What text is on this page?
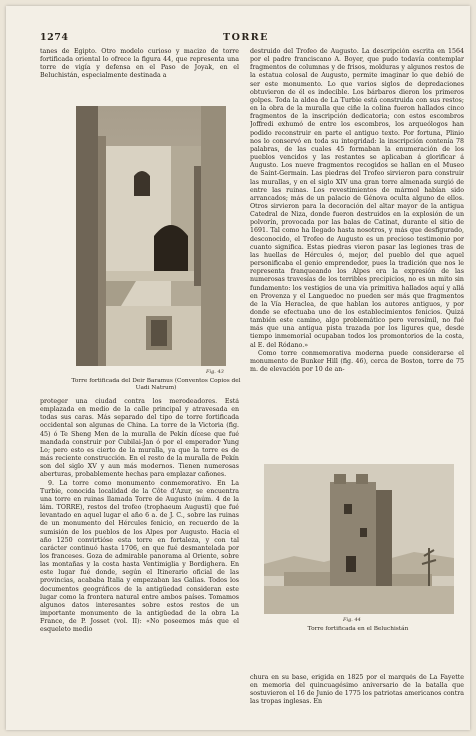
1274	TORRE

tanes de Egipto. Otro modelo curioso y macizo de torre fortificada oriental lo ofrece la figura 44, que representa una torre de vigía y defensa en el Paso de Joyak, en el Beluchistán, especialmente destinada a

Fig. 43
Torre fortificada del Deir Baramus (Conventos Copios del Uadi Natrum)

proteger una ciudad contra los merodeadores. Está emplazada en medio de la calle principal y atravesada en todas sus caras. Más separado del tipo de torre fortificada occidental son algunas de China. La torre de la Victoria (fig. 45) ó Te Sheng Men de la muralla de Pekín dícese que fué mandada construir por Cubilai-Jan ó por el emperador Yung Lo; pero esto es cierto de la muralla, ya que la torre es de más reciente construcción. En el resto de la muralla de Pekín son del siglo XV y aun más modernos. Tienen numerosas aberturas, probablemente hechas para emplazar cañones.

9. La torre como monumento conmemorativo. En La Turbie, conocida localidad de la Côte d'Azur, se encuentra una torre en ruinas llamada Torre de Augusto (núm. 4 de la lám. TORRE), restos del trofeo (trophaeum Augusti) que fué levantado en aquel lugar el año 6 a. de J. C., sobre las ruinas de un monumento del Hércules fenicio, en recuerdo de la sumisión de los pueblos de los Alpes por Augusto. Hacia el año 1250 convirtióse esta torre en fortaleza, y con tal carácter continuó hasta 1706, en que fué desmantelada por los franceses. Goza de admirable panorama al Oriente, sobre las montañas y la costa hasta Ventimiglia y Bordighera. En este lugar fué donde, según el Itinerario oficial de las provincias, acababa Italia y empezaban las Galias. Todos los documentos geográficos de la antigüedad consideran este lugar como la frontera natural entre ambos países. Tomamos algunos datos interesantes sobre estos restos de un importante monumento de la antigüedad de la obra La France, de P. Josset (vol. II): «No poseemos más que el esqueleto medio

destruido del Trofeo de Augusto. La descripción escrita en 1564 por el padre franciscano A. Boyer, que pudo todavía contemplar fragmentos de columnas y de frisos, molduras y algunos restos de la estatua colosal de Augusto, permite imaginar lo que debió de ser este monumento. Lo que varios siglos de depredaciones obtuvieron de él es indecible. Los bárbaros dieron los primeros golpes. Toda la aldea de La Turbie está construida con sus restos; en la obra de la muralla que ciñe la colina fueron hallados cinco fragmentos de la inscripción dedicatoria; con estos escombros Joffredi exhumó de entre los escombros, los arqueólogos han podido reconstruir en parte el antiguo texto. Por fortuna, Plinio nos lo conservó en toda su integridad: la inscripción contenía 78 palabras, de las cuales 45 formaban la enumeración de los pueblos vencidos y las restantes se aplicaban á glorificar á Augusto. Los nueve fragmentos recogidos se hallan en el Museo de Saint-Germain. Las piedras del Trofeo sirvieron para construir las murallas, y en el siglo XIV una gran torre almenada surgió de entre las ruinas. Los revestimientos de mármol habían sido arrancados; más de un palacio de Génova oculta alguno de ellos. Otros sirvieron para la decoración del altar mayor de la antigua Catedral de Niza, donde fueron destruidos en la explosión de un polvorín, provocada por las balas de Catinat, durante el sitio de 1691. Tal como ha llegado hasta nosotros, y más que desfigurado, desconocido, el Trofeo de Augusto es un precioso testimonio por cuanto significa. Estas piedras vieron pasar las legiones tras de las huellas de Hércules ó, mejor, del pueblo del que aquel personificaba el genio emprendedor, pues la tradición que nos le representa franqueando los Alpes era la expresión de las numerosas travesías de los terribles precipicios, no es un mito sin fundamento: los vestigios de una vía primitiva hallados aquí y allá en Provenza y el Languedoc no pueden ser más que fragmentos de la Vía Heraclea, de que hablan los autores antiguos, y por donde se efectuaba uno de los establecimientos fenicios. Quizá también este camino, algo problemático pero verosímil, no fué más que una antigua pista trazada por los ligures que, desde tiempo inmemorial ocupaban todos los promontorios de la costa, al E. del Ródano.»

Como torre conmemorativa moderna puede considerarse el monumento de Bunker Hill (fig. 46), cerca de Boston, torre de 75 m. de elevación por 10 de an-

Fig. 44
Torre fortificada en el Beluchistán

chura en su base, erigida en 1825 por el marqués de La Fayette en memoria del quincuagésimo aniversario de la batalla que sostuvieron el 16 de Junio de 1775 los patriotas americanos contra las tropas inglesas. En
